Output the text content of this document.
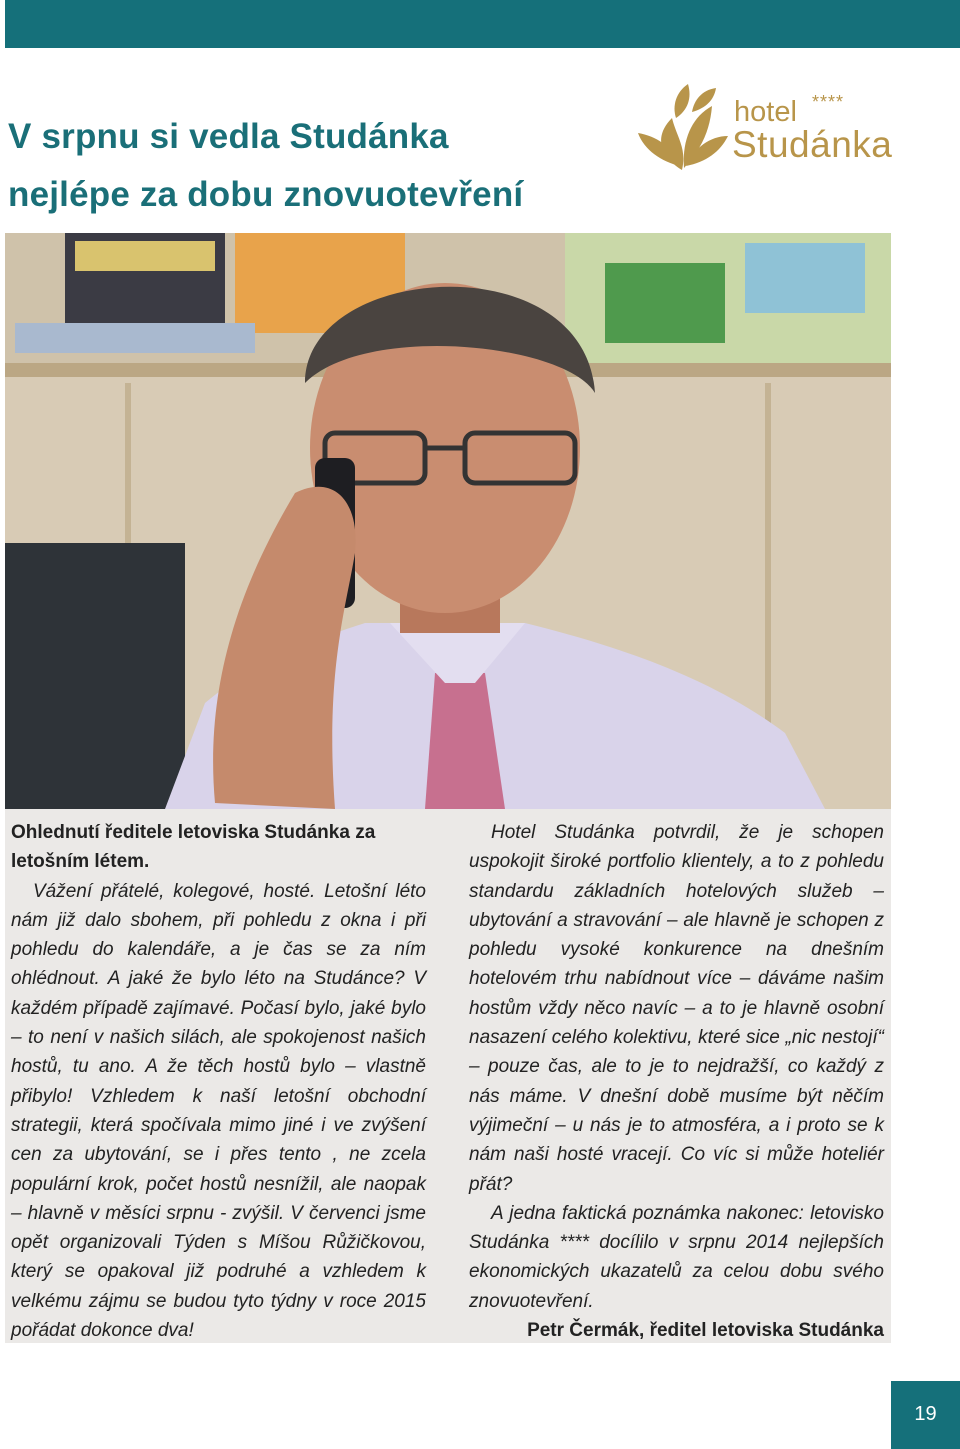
V srpnu si vedla Studánka
nejlépe za dobu znovuotevření
hotel ****
Studánka
Ohlednutí ředitele letoviska Studánka za letošním létem.

Vážení přátelé, kolegové, hosté. Letošní léto nám již dalo sbohem, při pohledu z okna i při pohledu do kalendáře, a je čas se za ním ohlédnout. A jaké že bylo léto na Studánce? V každém případě zajímavé. Počasí bylo, jaké bylo – to není v našich silách, ale spokojenost našich hostů, tu ano. A že těch hostů bylo – vlastně přibylo! Vzhledem k naší letošní obchodní strategii, která spočívala mimo jiné i ve zvýšení cen za ubytování, se i přes tento , ne zcela populární krok, počet hostů nesnížil, ale naopak – hlavně v měsíci srpnu - zvýšil. V červenci jsme opět organizovali Týden s Míšou Růžičkovou, který se opakoval již podruhé a vzhledem k velkému zájmu se budou tyto týdny v roce 2015 pořádat dokonce dva!

Hotel Studánka potvrdil, že je schopen uspokojit široké portfolio klientely, a to z pohledu standardu základních hotelových služeb – ubytování a stravování – ale hlavně je schopen z pohledu vysoké konkurence na dnešním hotelovém trhu nabídnout více – dáváme našim hostům vždy něco navíc – a to je hlavně osobní nasazení celého kolektivu, které sice „nic nestojí“ – pouze čas, ale to je to nejdražší, co každý z nás máme. V dnešní době musíme být něčím výjimeční – u nás je to atmosféra, a i proto se k nám naši hosté vracejí. Co víc si může hoteliér přát?

A jedna faktická poznámka nakonec: letovisko Studánka **** docílilo v srpnu 2014 nejlepších ekonomických ukazatelů za celou dobu svého znovuotevření.

Petr Čermák, ředitel letoviska Studánka

19
